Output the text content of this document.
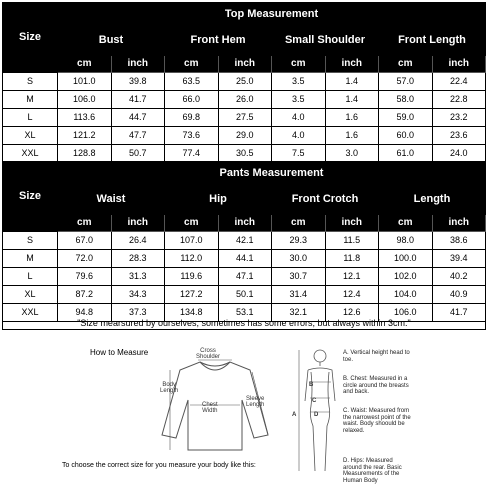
Size	Top Measurement							
	Bust		Front Hem		Small Shoulder		Front Length	
	cm	inch	cm	inch	cm	inch	cm	inch
S	101.0	39.8	63.5	25.0	3.5	1.4	57.0	22.4
M	106.0	41.7	66.0	26.0	3.5	1.4	58.0	22.8
L	113.6	44.7	69.8	27.5	4.0	1.6	59.0	23.2
XL	121.2	47.7	73.6	29.0	4.0	1.6	60.0	23.6
XXL	128.8	50.7	77.4	30.5	7.5	3.0	61.0	24.0
Size	Pants Measurement							
	Waist		Hip		Front Crotch		Length	
	cm	inch	cm	inch	cm	inch	cm	inch
S	67.0	26.4	107.0	42.1	29.3	11.5	98.0	38.6
M	72.0	28.3	112.0	44.1	30.0	11.8	100.0	39.4
L	79.6	31.3	119.6	47.1	30.7	12.1	102.0	40.2
XL	87.2	34.3	127.2	50.1	31.4	12.4	104.0	40.9
XXL	94.8	37.3	134.8	53.1	32.1	12.6	106.0	41.7
"Size mearsured by ourselves, sometimes has some errors, but always within 3cm."
How to Measure	Cross
Shoulder
Body
Length
Chest
Width
Sleeve
Length
B
C
D
A
A. Vertical height head to toe.
B. Chest: Measured in a circle around the breasts and back.
C. Waist: Measured from the narrowest point of the waist. Body shoould be relaxed.
D. Hips: Measured around the rear. Basic Measurements of the Human Body
To choose the correct size for you measure your body like this:
